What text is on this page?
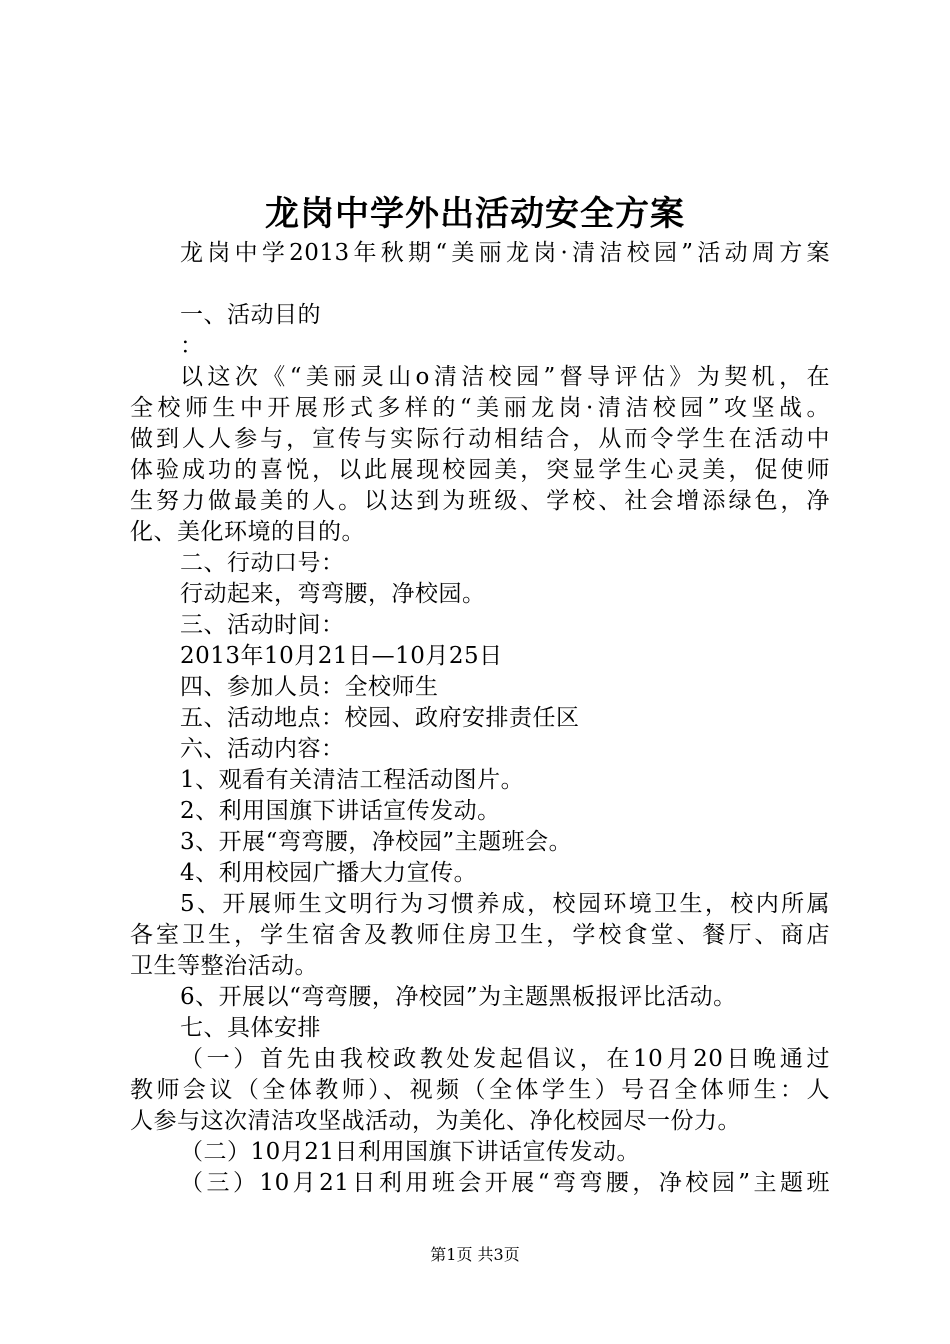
龙岗中学外出活动安全方案
龙岗中学2013年秋期“美丽龙岗·清洁校园”活动周方案
一、活动目的
：
以这次《“美丽灵山o清洁校园”督导评估》为契机，在
全校师生中开展形式多样的“美丽龙岗·清洁校园”攻坚战。
做到人人参与，宣传与实际行动相结合，从而令学生在活动中
体验成功的喜悦，以此展现校园美，突显学生心灵美，促使师
生努力做最美的人。以达到为班级、学校、社会增添绿色，净
化、美化环境的目的。
二、行动口号：
行动起来，弯弯腰，净校园。
三、活动时间：
2013年10月21日—10月25日
四、参加人员：全校师生
五、活动地点：校园、政府安排责任区
六、活动内容：
1、观看有关清洁工程活动图片。
2、利用国旗下讲话宣传发动。
3、开展“弯弯腰，净校园”主题班会。
4、利用校园广播大力宣传。
5、开展师生文明行为习惯养成，校园环境卫生，校内所属
各室卫生，学生宿舍及教师住房卫生，学校食堂、餐厅、商店
卫生等整治活动。
6、开展以“弯弯腰，净校园”为主题黑板报评比活动。
七、具体安排
（一）首先由我校政教处发起倡议，在10月20日晚通过
教师会议（全体教师）、视频（全体学生）号召全体师生：人
人参与这次清洁攻坚战活动，为美化、净化校园尽一份力。
（二）10月21日利用国旗下讲话宣传发动。
（三）10月21日利用班会开展“弯弯腰，净校园”主题班
第1页 共3页
